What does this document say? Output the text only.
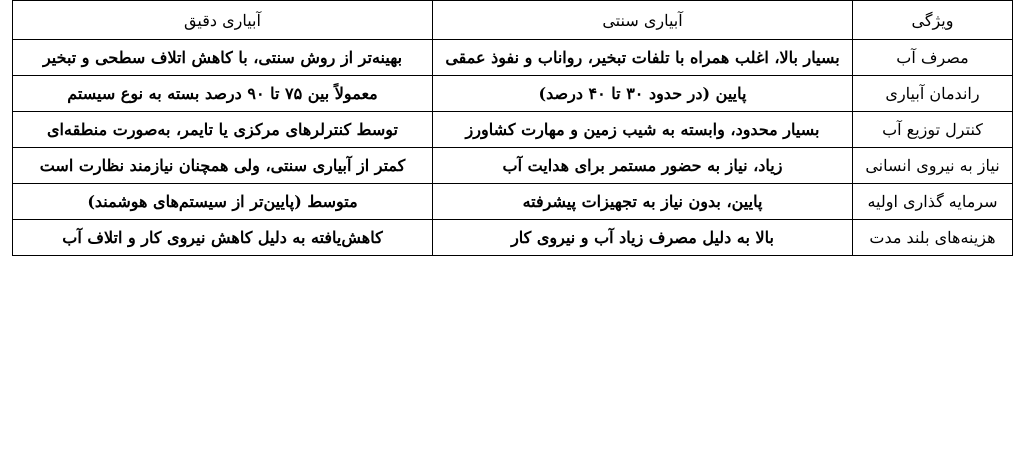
ویژگی	آبیاری سنتی	آبیاری دقیق
مصرف آب	بسیار بالا، اغلب همراه با تلفات تبخیر، رواناب و نفوذ عمقی	بهینه‌تر از روش سنتی، با کاهش اتلاف سطحی و تبخیر
راندمان آبیاری	پایین (در حدود ۳۰ تا ۴۰ درصد)	معمولاً بین ۷۵ تا ۹۰ درصد بسته به نوع سیستم
کنترل توزیع آب	بسیار محدود، وابسته به شیب زمین و مهارت کشاورز	توسط کنترلرهای مرکزی یا تایمر، به‌صورت منطقه‌ای
نیاز به نیروی انسانی	زیاد، نیاز به حضور مستمر برای هدایت آب	کمتر از آبیاری سنتی، ولی همچنان نیازمند نظارت است
سرمایه گذاری اولیه	پایین، بدون نیاز به تجهیزات پیشرفته	متوسط (پایین‌تر از سیستم‌های هوشمند)
هزینه‌های بلند مدت	بالا به دلیل مصرف زیاد آب و نیروی کار	کاهش‌یافته به دلیل کاهش نیروی کار و اتلاف آب
